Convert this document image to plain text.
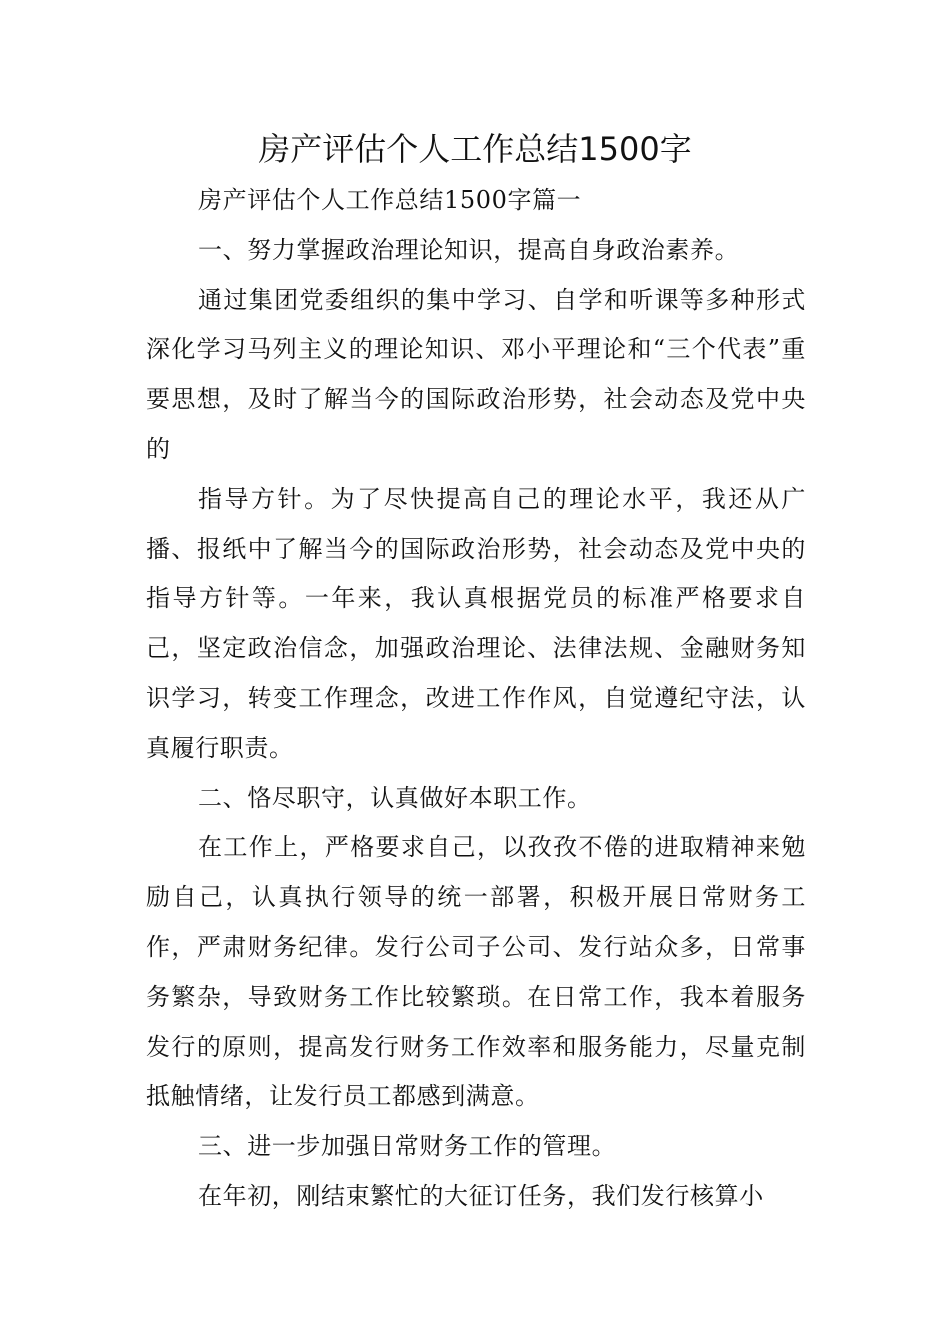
房产评估个人工作总结1500字

房产评估个人工作总结1500字篇一

一、努力掌握政治理论知识，提高自身政治素养。

通过集团党委组织的集中学习、自学和听课等多种形式深化学习马列主义的理论知识、邓小平理论和“三个代表”重要思想，及时了解当今的国际政治形势，社会动态及党中央的

指导方针。为了尽快提高自己的理论水平，我还从广播、报纸中了解当今的国际政治形势，社会动态及党中央的指导方针等。一年来，我认真根据党员的标准严格要求自己，坚定政治信念，加强政治理论、法律法规、金融财务知识学习，转变工作理念，改进工作作风，自觉遵纪守法，认真履行职责。

二、恪尽职守，认真做好本职工作。

在工作上，严格要求自己，以孜孜不倦的进取精神来勉励自己，认真执行领导的统一部署，积极开展日常财务工作，严肃财务纪律。发行公司子公司、发行站众多，日常事务繁杂，导致财务工作比较繁琐。在日常工作，我本着服务发行的原则，提高发行财务工作效率和服务能力，尽量克制抵触情绪，让发行员工都感到满意。

三、进一步加强日常财务工作的管理。

在年初，刚结束繁忙的大征订任务，我们发行核算小
